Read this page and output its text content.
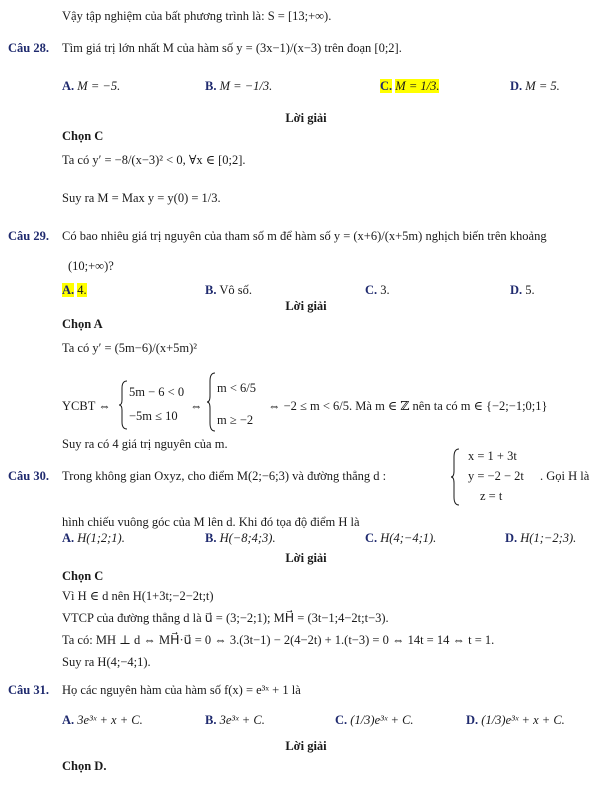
Vậy tập nghiệm của bất phương trình là: S = [13;+∞).
Câu 28. Tìm giá trị lớn nhất M của hàm số y = (3x−1)/(x−3) trên đoạn [0;2].
A. M = −5.	B. M = −1/3.	C. M = 1/3.	D. M = 5.
Lời giải
Chọn C
Ta có y′ = −8/(x−3)² < 0, ∀x ∈ [0;2].
Suy ra M = Max y = y(0) = 1/3.
Câu 29. Có bao nhiêu giá trị nguyên của tham số m để hàm số y = (x+6)/(x+5m) nghịch biến trên khoảng
(10;+∞)?
A. 4.	B. Vô số.	C. 3.	D. 5.
Lời giải
Chọn A
Ta có y′ = (5m−6)/(x+5m)²
YCBT ⇔
5m − 6 < 0
−5m ≤ 10
⇔
m < 6/5
m ≥ −2
⇔ −2 ≤ m < 6/5. Mà m ∈ ℤ nên ta có m ∈ {−2;−1;0;1}
Suy ra có 4 giá trị nguyên của m.
Câu 30. Trong không gian Oxyz, cho điểm M(2;−6;3) và đường thẳng d :
x = 1 + 3t
y = −2 − 2t
z = t
. Gọi H là
hình chiếu vuông góc của M lên d. Khi đó tọa độ điểm H là
A. H(1;2;1).	B. H(−8;4;3).	C. H(4;−4;1).	D. H(1;−2;3).
Lời giải
Chọn C
Vì H ∈ d nên H(1+3t;−2−2t;t)
VTCP của đường thẳng d là u⃗ = (3;−2;1); MH⃗ = (3t−1;4−2t;t−3).
Ta có: MH ⊥ d ⇔ MH⃗·u⃗ = 0 ⇔ 3.(3t−1) − 2(4−2t) + 1.(t−3) = 0 ⇔ 14t = 14 ⇔ t = 1.
Suy ra H(4;−4;1).
Câu 31. Họ các nguyên hàm của hàm số f(x) = e³ˣ + 1 là
A. 3e³ˣ + x + C.	B. 3e³ˣ + C.	C. (1/3)e³ˣ + C.	D. (1/3)e³ˣ + x + C.
Lời giải
Chọn D.
